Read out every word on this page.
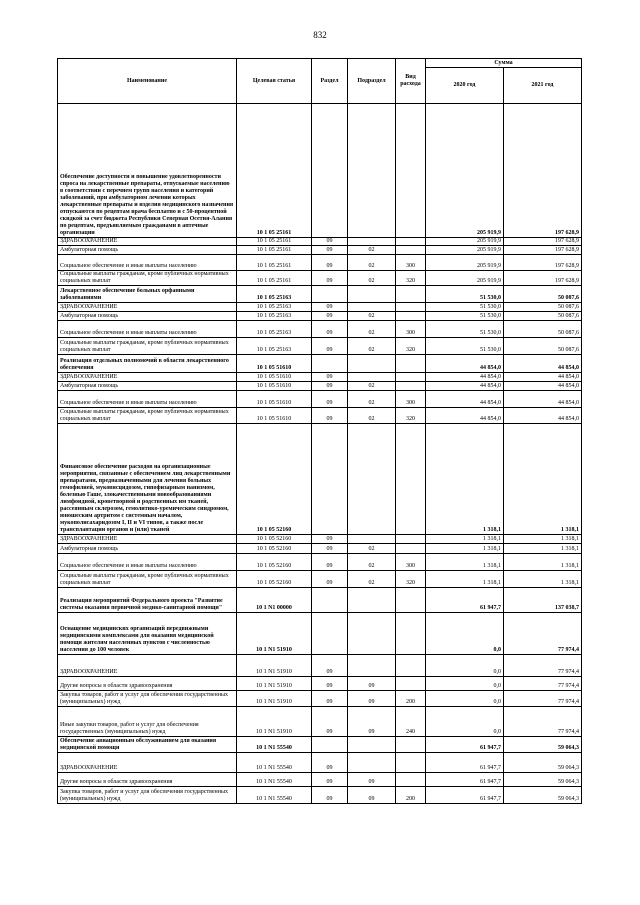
832
Наименование	Целевая статья	Раздел	Подраздел	Вид расхода	Сумма	
					2020 год	2021 год
Обеспечение доступности и повышение удовлетворенности спроса на лекарственные препараты, отпускаемые населению в соответствии с перечнем групп населения и категорий заболеваний, при амбулаторном лечении которых лекарственные препараты и изделия медицинского назначения отпускаются по рецептам врача бесплатно и с 50-процентной скидкой за счет бюджета Республики Северная Осетия-Алания по рецептам, предъявляемым гражданами в аптечные организации	10 1 05 25161				205 919,9	197 628,9
ЗДРАВООХРАНЕНИЕ	10 1 05 25161	09			205 919,9	197 628,9
Амбулаторная помощь	10 1 05 25161	09	02		205 919,9	197 628,9
Социальное обеспечение и иные выплаты населению	10 1 05 25161	09	02	300	205 919,9	197 628,9
Социальные выплаты гражданам, кроме публичных нормативных социальных выплат	10 1 05 25161	09	02	320	205 919,9	197 628,9
Лекарственное обеспечение больных орфанными заболеваниями	10 1 05 25163				51 530,0	50 087,6
ЗДРАВООХРАНЕНИЕ	10 1 05 25163	09			51 530,0	50 087,6
Амбулаторная помощь	10 1 05 25163	09	02		51 530,0	50 087,6
Социальное обеспечение и иные выплаты населению	10 1 05 25163	09	02	300	51 530,0	50 087,6
Социальные выплаты гражданам, кроме публичных нормативных социальных выплат	10 1 05 25163	09	02	320	51 530,0	50 087,6
Реализация отдельных полномочий в области лекарственного обеспечения	10 1 05 51610				44 854,0	44 854,0
ЗДРАВООХРАНЕНИЕ	10 1 05 51610	09			44 854,0	44 854,0
Амбулаторная помощь	10 1 05 51610	09	02		44 854,0	44 854,0
Социальное обеспечение и иные выплаты населению	10 1 05 51610	09	02	300	44 854,0	44 854,0
Социальные выплаты гражданам, кроме публичных нормативных социальных выплат	10 1 05 51610	09	02	320	44 854,0	44 854,0
Финансовое обеспечение расходов на организационные мероприятия, связанные с обеспечением лиц лекарственными препаратами, предназначенными для лечения больных гемофилией, муковисцидозом, гипофизарным нанизмом, болезнью Гаше, злокачественными новообразованиями лимфоидной, кроветворной и родственных им тканей, рассеянным склерозом, гемолитико-уремическим синдромом, юношеским артритом с системным началом, мукополисахаридозом I, II и VI типов, а также после трансплантации органов и (или) тканей	10 1 05 52160				1 318,1	1 318,1
ЗДРАВООХРАНЕНИЕ	10 1 05 52160	09			1 318,1	1 318,1
Амбулаторная помощь	10 1 05 52160	09	02		1 318,1	1 318,1
Социальное обеспечение и иные выплаты населению	10 1 05 52160	09	02	300	1 318,1	1 318,1
Социальные выплаты гражданам, кроме публичных нормативных социальных выплат	10 1 05 52160	09	02	320	1 318,1	1 318,1
Реализация мероприятий Федерального проекта "Развитие системы оказания первичной медико-санитарной помощи"	10 1 N1 00000				61 947,7	137 038,7
Оснащение медицинских организаций передвижными медицинскими комплексами для оказания медицинской помощи жителям населенных пунктов с численностью населения до 100 человек	10 1 N1 51910				0,0	77 974,4
ЗДРАВООХРАНЕНИЕ	10 1 N1 51910	09			0,0	77 974,4
Другие вопросы в области здравоохранения	10 1 N1 51910	09	09		0,0	77 974,4
Закупка товаров, работ и услуг для обеспечения государственных (муниципальных) нужд	10 1 N1 51910	09	09	200	0,0	77 974,4
Иные закупки товаров, работ и услуг для обеспечения государственных (муниципальных) нужд	10 1 N1 51910	09	09	240	0,0	77 974,4
Обеспечение авиационным обслуживанием для оказания медицинской помощи	10 1 N1 55540				61 947,7	59 064,3
ЗДРАВООХРАНЕНИЕ	10 1 N1 55540	09			61 947,7	59 064,3
Другие вопросы в области здравоохранения	10 1 N1 55540	09	09		61 947,7	59 064,3
Закупка товаров, работ и услуг для обеспечения государственных (муниципальных) нужд	10 1 N1 55540	09	09	200	61 947,7	59 064,3
